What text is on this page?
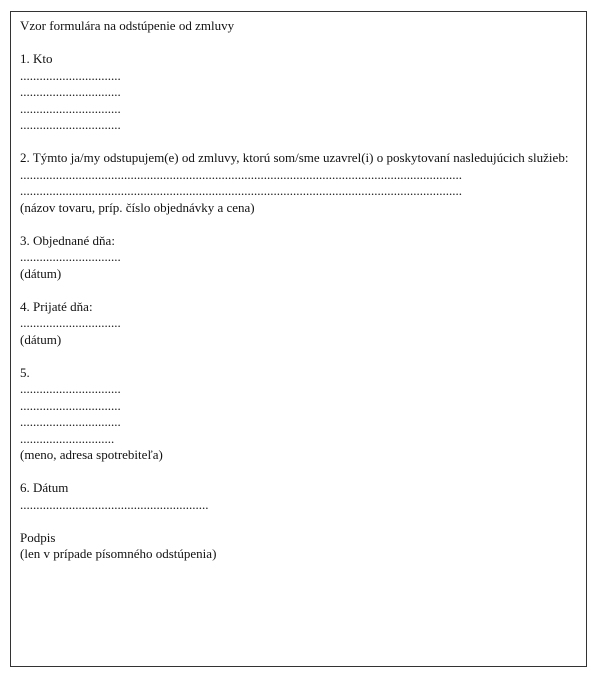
Vzor formulára na odstúpenie od zmluvy
1. Kto
...............................
...............................
...............................
...............................
2. Týmto ja/my odstupujem(e) od zmluvy, ktorú som/sme uzavrel(i) o poskytovaní nasledujúcich služieb:
........................................................................................................................................
........................................................................................................................................
(názov tovaru, príp. číslo objednávky a cena)
3. Objednané dňa:
...............................
(dátum)
4. Prijaté dňa:
...............................
(dátum)
5.
...............................
...............................
...............................
.............................
(meno, adresa spotrebiteľa)
6. Dátum
..........................................................
Podpis
(len v prípade písomného odstúpenia)
